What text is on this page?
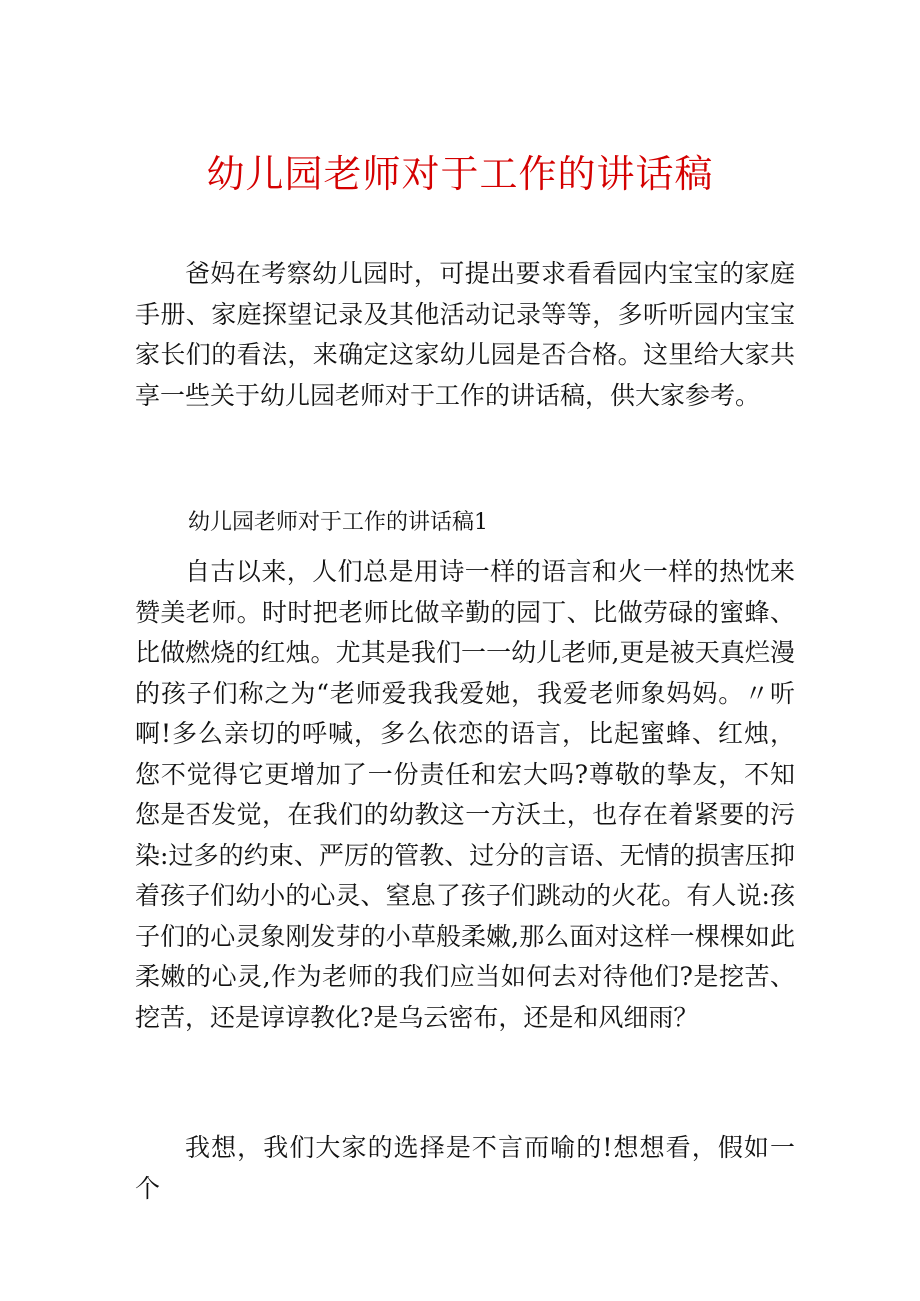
幼儿园老师对于工作的讲话稿

爸妈在考察幼儿园时，可提出要求看看园内宝宝的家庭手册、家庭探望记录及其他活动记录等等，多听听园内宝宝家长们的看法，来确定这家幼儿园是否合格。这里给大家共享一些关于幼儿园老师对于工作的讲话稿，供大家参考。

幼儿园老师对于工作的讲话稿1

自古以来，人们总是用诗一样的语言和火一样的热忱来赞美老师。时时把老师比做辛勤的园丁、比做劳碌的蜜蜂、比做燃烧的红烛。尤其是我们一一幼儿老师,更是被天真烂漫的孩子们称之为“老师爱我我爱她，我爱老师象妈妈。〃听啊!多么亲切的呼喊，多么依恋的语言，比起蜜蜂、红烛，您不觉得它更增加了一份责任和宏大吗?尊敬的挚友，不知您是否发觉，在我们的幼教这一方沃土，也存在着紧要的污染:过多的约束、严厉的管教、过分的言语、无情的损害压抑着孩子们幼小的心灵、窒息了孩子们跳动的火花。有人说:孩子们的心灵象刚发芽的小草般柔嫩,那么面对这样一棵棵如此柔嫩的心灵,作为老师的我们应当如何去对待他们?是挖苦、挖苦，还是谆谆教化?是乌云密布，还是和风细雨？

我想，我们大家的选择是不言而喻的!想想看，假如一个
